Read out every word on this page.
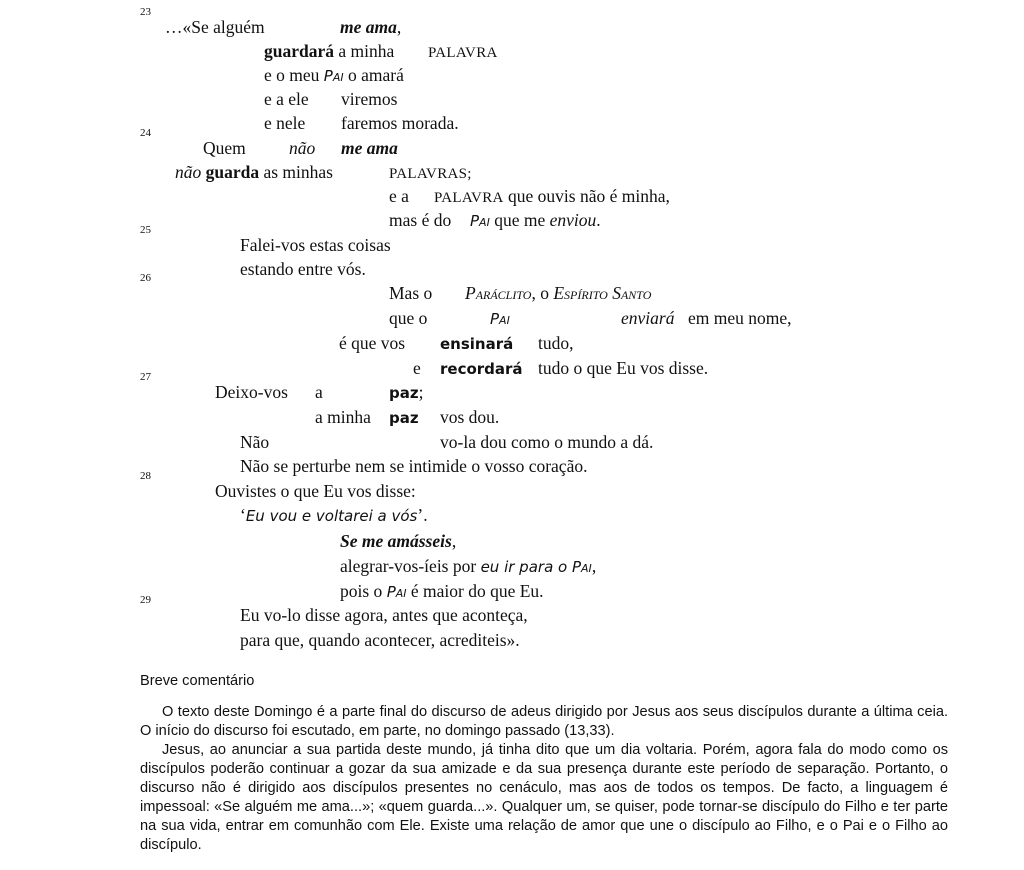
23
…«Se alguém	me ama,
guardará a minha PALAVRA
e o meu Pai o amará
e a ele viremos
e nele faremos morada.
24
Quem não me ama
não guarda as minhas	PALAVRAS;
e a PALAVRA que ouvis não é minha,
mas é do Pai que me enviou.
25
Falei-vos estas coisas
estando entre vós.
26
Mas o Paráclito, o Espírito Santo
que o	Pai	enviará em meu nome,
é que vos ensinará tudo,
e recordará tudo o que Eu vos disse.
27
Deixo-vos a	paz;
a minha paz vos dou.
Não	vo-la dou como o mundo a dá.
Não se perturbe nem se intimide o vosso coração.
28
Ouvistes o que Eu vos disse:
‘Eu vou e voltarei a vós’.
Se me amásseis,
alegrar-vos-íeis por eu ir para o Pai,
pois o Pai é maior do que Eu.
29
Eu vo-lo disse agora, antes que aconteça,
para que, quando acontecer, acrediteis».
Breve comentário

O texto deste Domingo é a parte final do discurso de adeus dirigido por Jesus aos seus discípulos durante a última ceia. O início do discurso foi escutado, em parte, no domingo passado (13,33).

Jesus, ao anunciar a sua partida deste mundo, já tinha dito que um dia voltaria. Porém, agora fala do modo como os discípulos poderão continuar a gozar da sua amizade e da sua presença durante este período de separação. Portanto, o discurso não é dirigido aos discípulos presentes no cenáculo, mas aos de todos os tempos. De facto, a linguagem é impessoal: «Se alguém me ama...»; «quem guarda...». Qualquer um, se quiser, pode tornar-se discípulo do Filho e ter parte na sua vida, entrar em comunhão com Ele. Existe uma relação de amor que une o discípulo ao Filho, e o Pai e o Filho ao discípulo.
